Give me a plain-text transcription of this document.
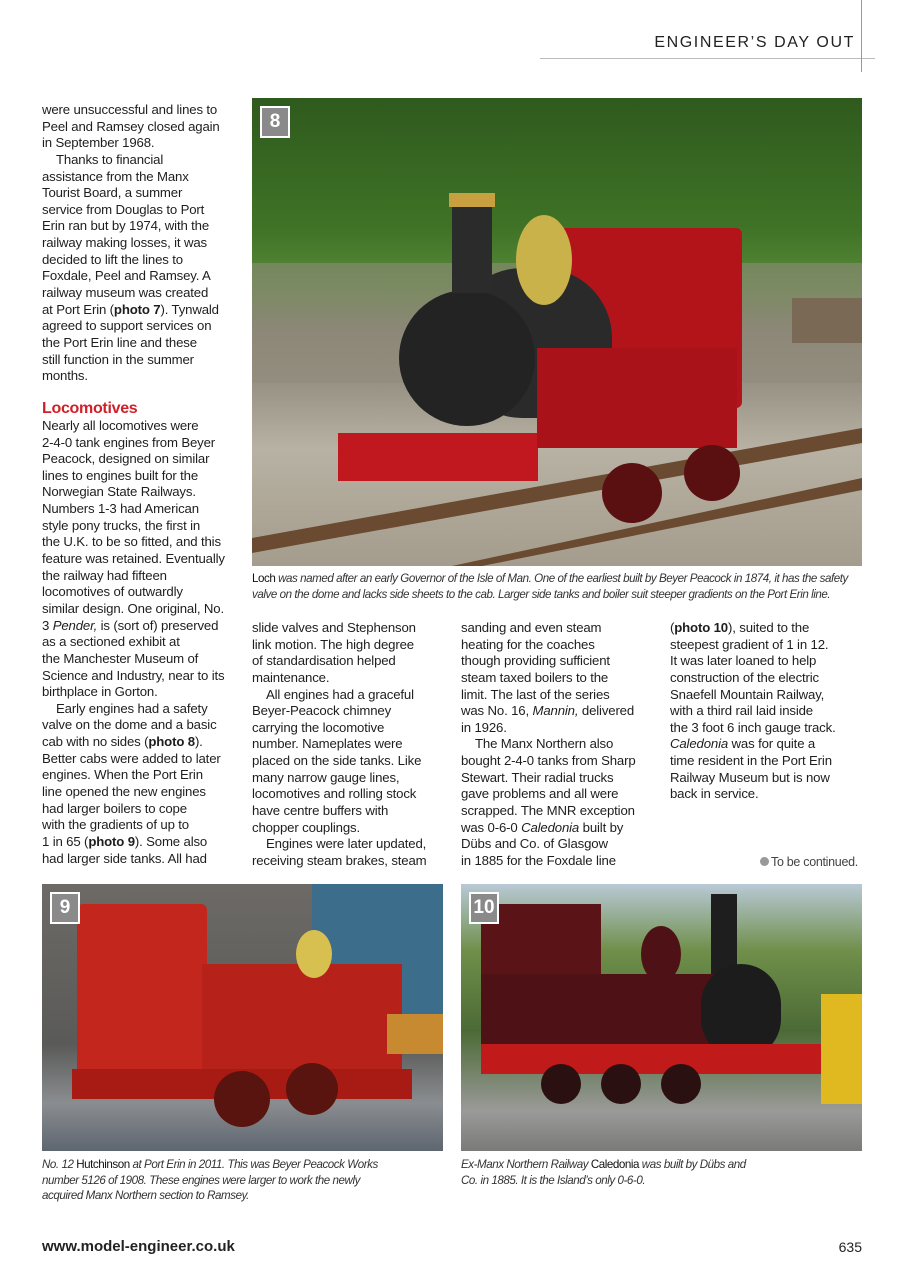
ENGINEER’S DAY OUT
were unsuccessful and lines to
Peel and Ramsey closed again
in September 1968.
Thanks to financial
assistance from the Manx
Tourist Board, a summer
service from Douglas to Port
Erin ran but by 1974, with the
railway making losses, it was
decided to lift the lines to
Foxdale, Peel and Ramsey. A
railway museum was created
at Port Erin (photo 7). Tynwald
agreed to support services on
the Port Erin line and these
still function in the summer
months.
Locomotives
Nearly all locomotives were
2-4-0 tank engines from Beyer
Peacock, designed on similar
lines to engines built for the
Norwegian State Railways.
Numbers 1-3 had American
style pony trucks, the first in
the U.K. to be so fitted, and this
feature was retained. Eventually
the railway had fifteen
locomotives of outwardly
similar design. One original, No.
3 Pender, is (sort of) preserved
as a sectioned exhibit at
the Manchester Museum of
Science and Industry, near to its
birthplace in Gorton.
Early engines had a safety
valve on the dome and a basic
cab with no sides (photo 8).
Better cabs were added to later
engines. When the Port Erin
line opened the new engines
had larger boilers to cope
with the gradients of up to
1 in 65 (photo 9). Some also
had larger side tanks. All had
slide valves and Stephenson
link motion. The high degree
of standardisation helped
maintenance.
All engines had a graceful
Beyer-Peacock chimney
carrying the locomotive
number. Nameplates were
placed on the side tanks. Like
many narrow gauge lines,
locomotives and rolling stock
have centre buffers with
chopper couplings.
Engines were later updated,
receiving steam brakes, steam
sanding and even steam
heating for the coaches
though providing sufficient
steam taxed boilers to the
limit. The last of the series
was No. 16, Mannin, delivered
in 1926.
The Manx Northern also
bought 2-4-0 tanks from Sharp
Stewart. Their radial trucks
gave problems and all were
scrapped. The MNR exception
was 0-6-0 Caledonia built by
Dübs and Co. of Glasgow
in 1885 for the Foxdale line
(photo 10), suited to the
steepest gradient of 1 in 12.
It was later loaned to help
construction of the electric
Snaefell Mountain Railway,
with a third rail laid inside
the 3 foot 6 inch gauge track.
Caledonia was for quite a
time resident in the Port Erin
Railway Museum but is now
back in service.
8
Loch was named after an early Governor of the Isle of Man. One of the earliest built by Beyer Peacock in 1874, it has the safety
valve on the dome and lacks side sheets to the cab. Larger side tanks and boiler suit steeper gradients on the Port Erin line.
To be continued.
9
No. 12 Hutchinson at Port Erin in 2011. This was Beyer Peacock Works
number 5126 of 1908. These engines were larger to work the newly
acquired Manx Northern section to Ramsey.
10
Ex-Manx Northern Railway Caledonia was built by Dübs and
Co. in 1885. It is the Island’s only 0-6-0.
www.model-engineer.co.uk	635
